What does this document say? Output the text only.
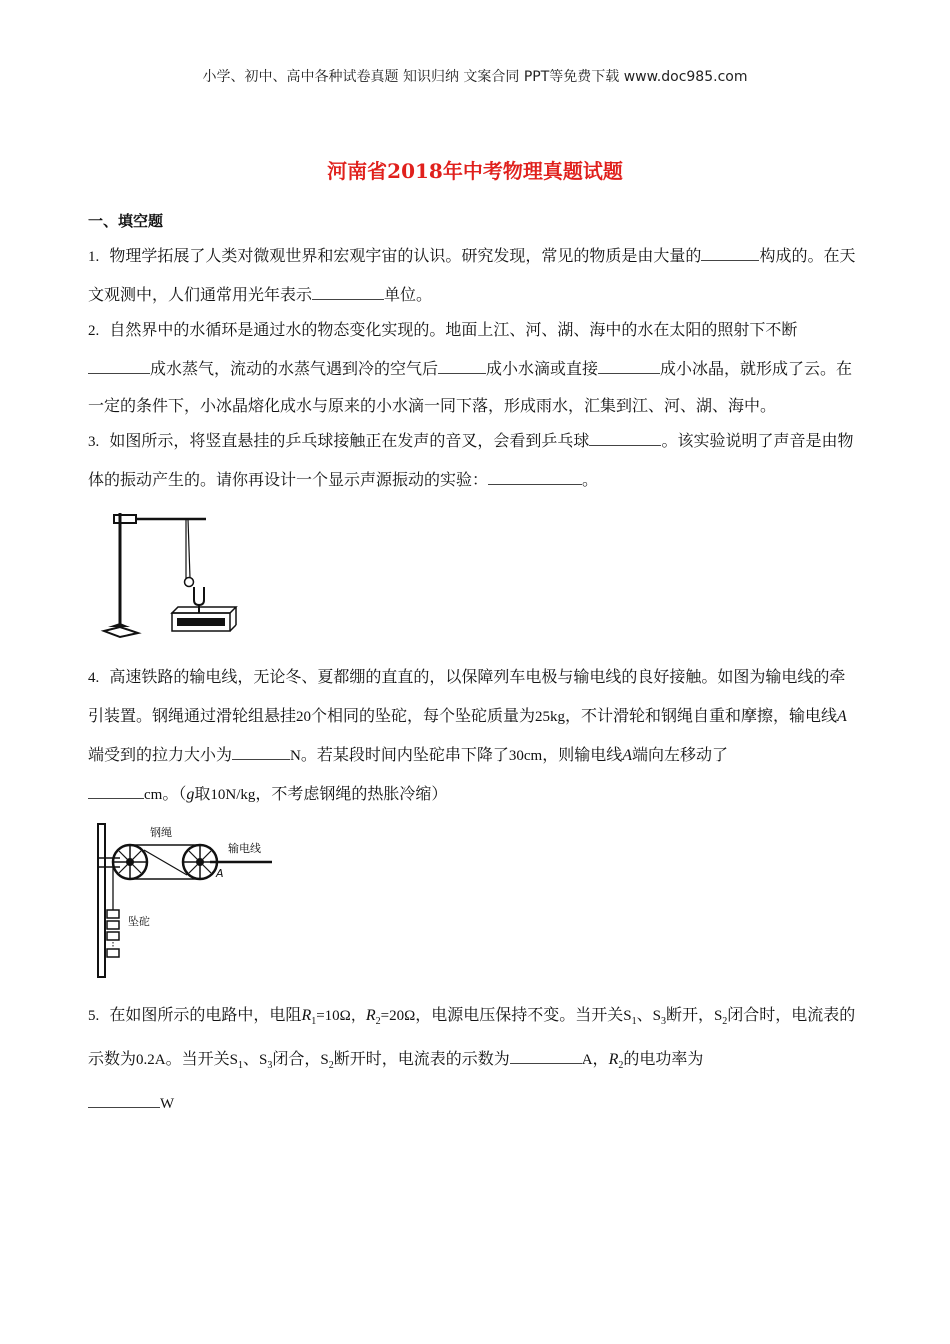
小学、初中、高中各种试卷真题 知识归纳 文案合同 PPT等免费下载 www.doc985.com
河南省2018年中考物理真题试题
一、填空题
1. 物理学拓展了人类对微观世界和宏观宇宙的认识。研究发现，常见的物质是由大量的	构成的。在天文观测中，人们通常用光年表示	单位。
2. 自然界中的水循环是通过水的物态变化实现的。地面上江、河、湖、海中的水在太阳的照射下不断
成水蒸气，流动的水蒸气遇到冷的空气后	成小水滴或直接	成小冰晶，就形成了云。在一定的条件下，小冰晶熔化成水与原来的小水滴一同下落，形成雨水，汇集到江、河、湖、海中。
3. 如图所示，将竖直悬挂的乒乓球接触正在发声的音叉，会看到乒乓球	。该实验说明了声音是由物体的振动产生的。请你再设计一个显示声源振动的实验：	。
4. 高速铁路的输电线，无论冬、夏都绷的直直的，以保障列车电极与输电线的良好接触。如图为输电线的牵引装置。钢绳通过滑轮组悬挂20个相同的坠砣，每个坠砣质量为25kg，不计滑轮和钢绳自重和摩擦，输电线A端受到的拉力大小为	N。若某段时间内坠砣串下降了30cm，则输电线A端向左移动了
cm。（g取10N/kg，不考虑钢绳的热胀冷缩）
钢绳
输电线
坠砣
A
5. 在如图所示的电路中，电阻$R_1=10\Omega$，$R_2=20\Omega$，电源电压保持不变。当开关$S_1$、$S_3$断开，$S_2$闭合时，电流表的示数为0.2A。当开关$S_1$、$S_3$闭合，$S_2$断开时，电流表的示数为	A，$R_2$的电功率为
W
